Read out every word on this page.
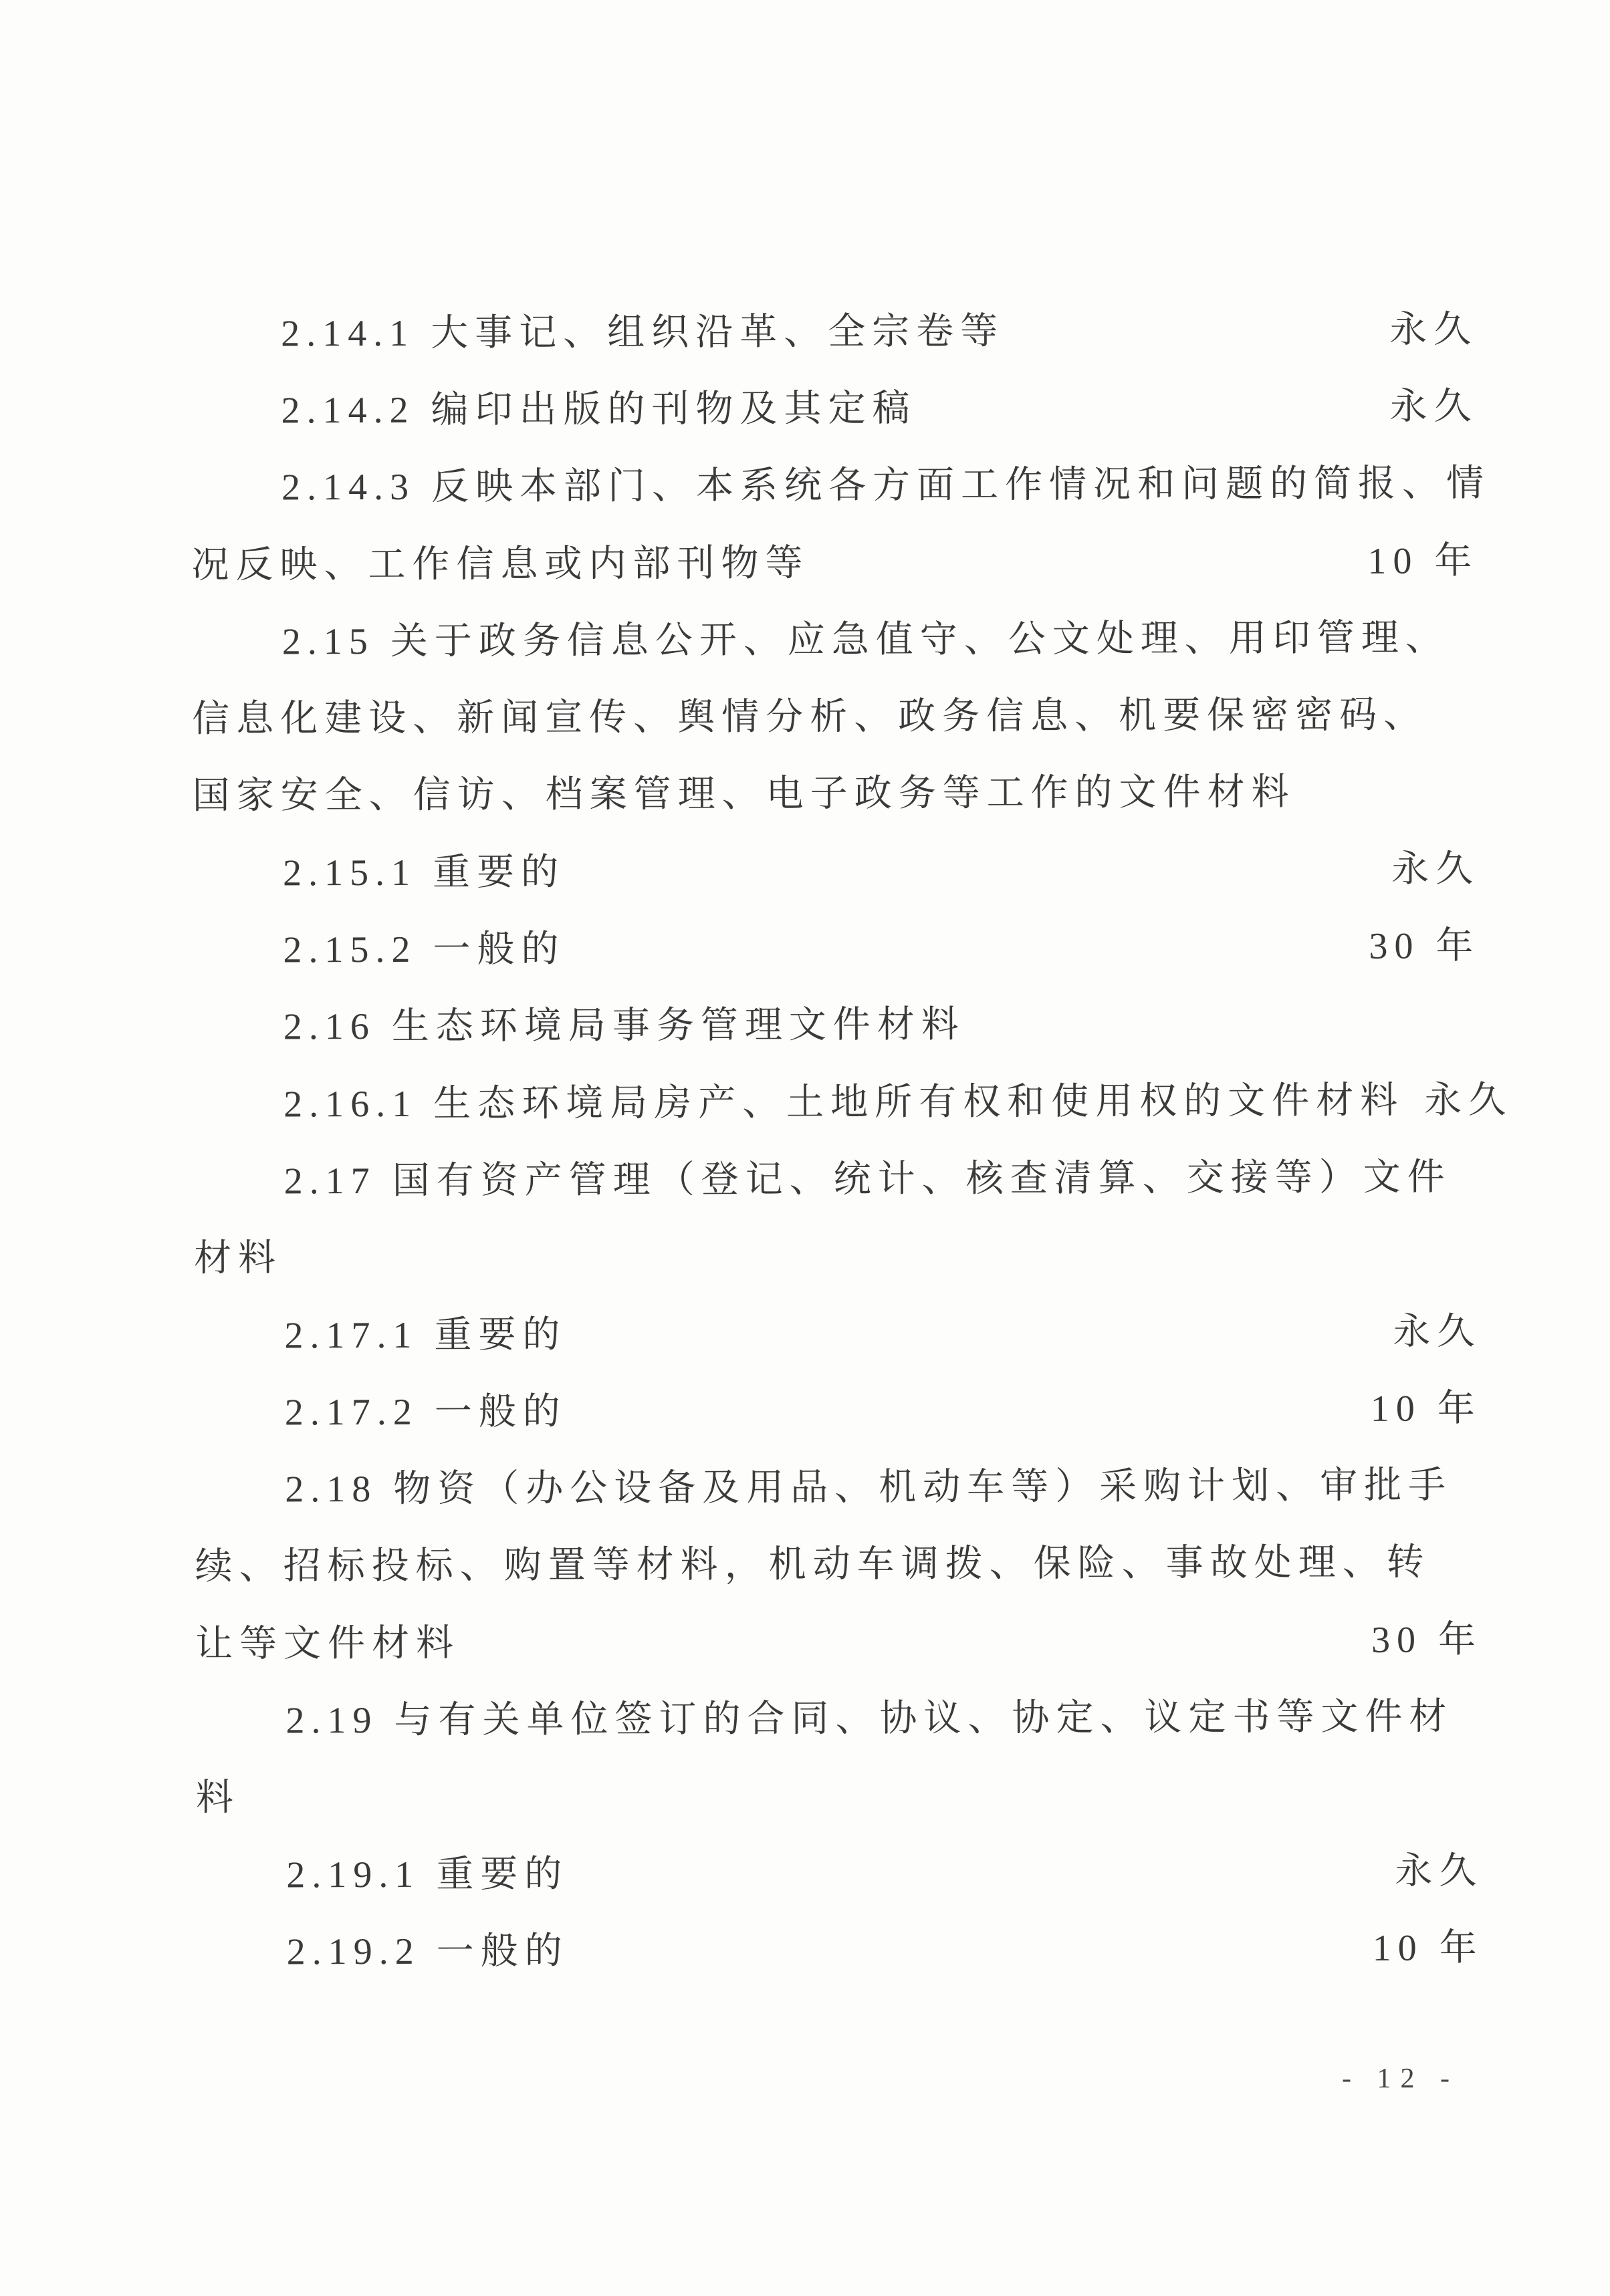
2.14.1 大事记、组织沿革、全宗卷等	永久
2.14.2 编印出版的刊物及其定稿	永久
2.14.3 反映本部门、本系统各方面工作情况和问题的简报、情
况反映、工作信息或内部刊物等	10 年
2.15 关于政务信息公开、应急值守、公文处理、用印管理、
信息化建设、新闻宣传、舆情分析、政务信息、机要保密密码、
国家安全、信访、档案管理、电子政务等工作的文件材料
2.15.1 重要的	永久
2.15.2 一般的	30 年
2.16 生态环境局事务管理文件材料
2.16.1 生态环境局房产、土地所有权和使用权的文件材料 永久
2.17 国有资产管理（登记、统计、核查清算、交接等）文件
材料
2.17.1 重要的	永久
2.17.2 一般的	10 年
2.18 物资（办公设备及用品、机动车等）采购计划、审批手
续、招标投标、购置等材料，机动车调拨、保险、事故处理、转
让等文件材料	30 年
2.19 与有关单位签订的合同、协议、协定、议定书等文件材
料
2.19.1 重要的	永久
2.19.2 一般的	10 年
- 12 -
